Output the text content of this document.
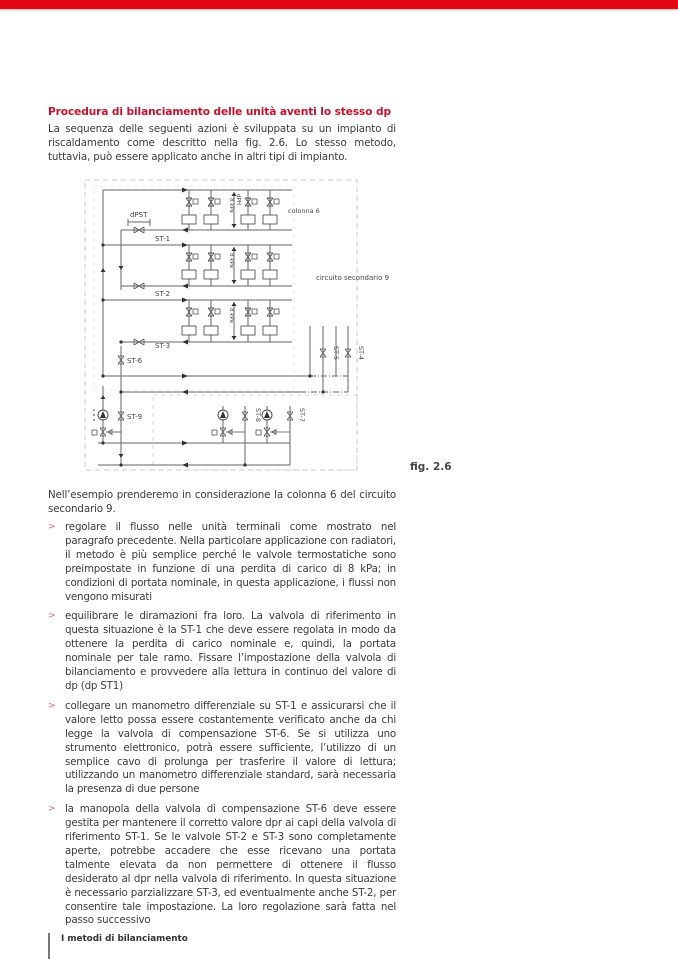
Procedura di bilanciamento delle unità aventi lo stesso dp
La sequenza delle seguenti azioni è sviluppata su un impianto di riscaldamento come descritto nella fig. 2.6. Lo stesso metodo, tuttavia, può essere applicato anche in altri tipi di impianto.
dPST
ST-1
ST-2
ST-3
ST-6
ST-9	ST-8	ST-7
ST-5	ST-4
8 kPa
8 kPa
8 kPa
dPH
colonna 6
circuito secondario 9
fig. 2.6
Nell’esempio prenderemo in considerazione la colonna 6 del circuito secondario 9.
> regolare il flusso nelle unità terminali come mostrato nel paragrafo precedente. Nella particolare applicazione con radiatori, il metodo è più semplice perché le valvole termostatiche sono preimpostate in funzione di una perdita di carico di 8 kPa; in condizioni di portata nominale, in questa applicazione, i flussi non vengono misurati
> equilibrare le diramazioni fra loro. La valvola di riferimento in questa situazione è la ST-1 che deve essere regolata in modo da ottenere la perdita di carico nominale e, quindi, la portata nominale per tale ramo. Fissare l’impostazione della valvola di bilanciamento e provvedere alla lettura in continuo del valore di dp (dp ST1)
> collegare un manometro differenziale su ST-1 e assicurarsi che il valore letto possa essere costantemente verificato anche da chi legge la valvola di compensazione ST-6. Se si utilizza uno strumento elettronico, potrà essere sufficiente, l’utilizzo di un semplice cavo di prolunga per trasferire il valore di lettura; utilizzando un manometro differenziale standard, sarà necessaria la presenza di due persone
> la manopola della valvola di compensazione ST-6 deve essere gestita per mantenere il corretto valore dpr ai capi della valvola di riferimento ST-1. Se le valvole ST-2 e ST-3 sono completamente aperte, potrebbe accadere che esse ricevano una portata talmente elevata da non permettere di ottenere il flusso desiderato al dpr nella valvola di riferimento. In questa situazione è necessario parzializzare ST-3, ed eventualmente anche ST-2, per consentire tale impostazione. La loro regolazione sarà fatta nel passo successivo
I metodi di bilanciamento
